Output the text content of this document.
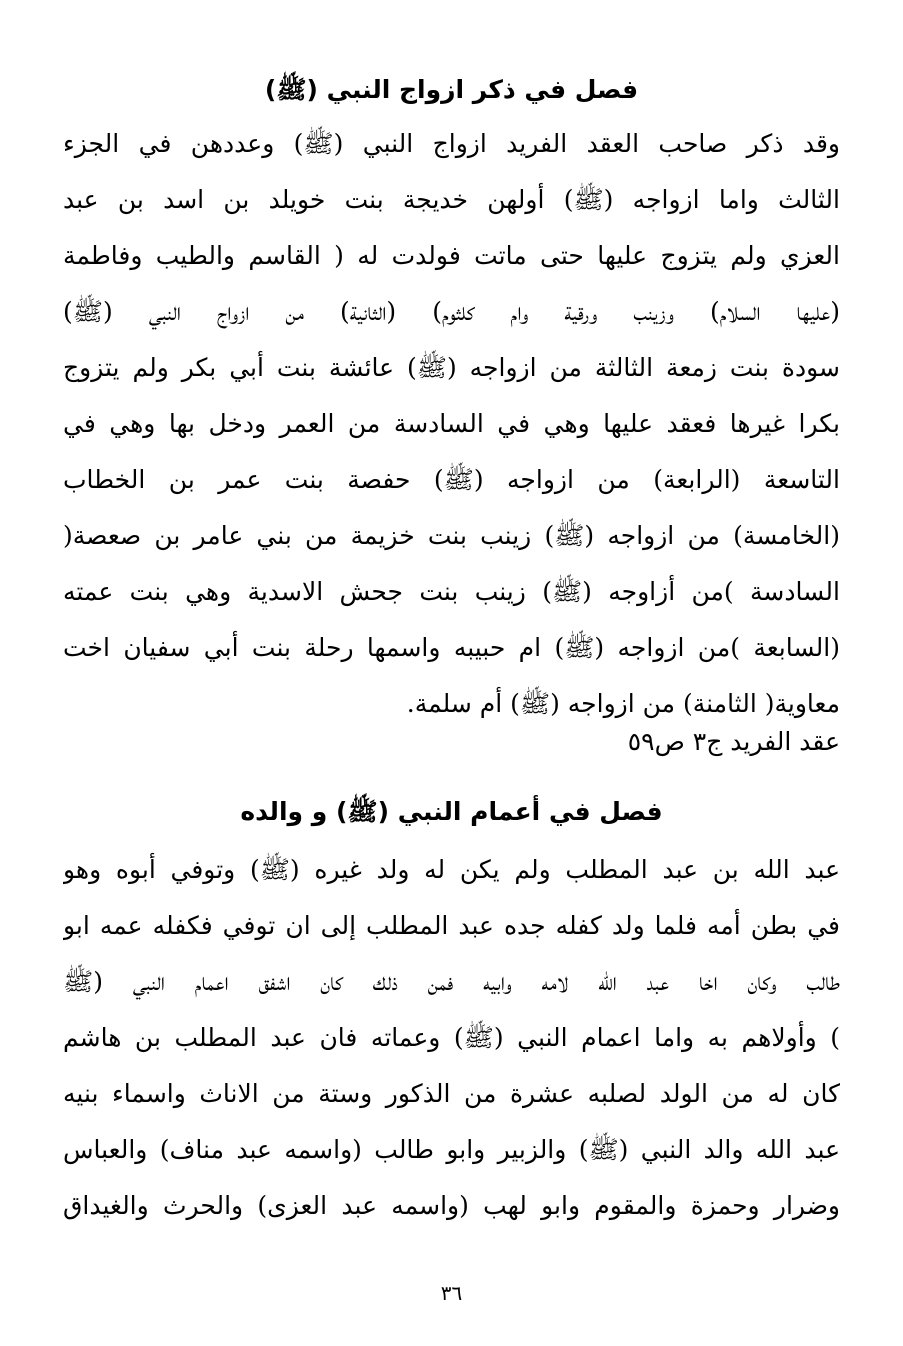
فصل في ذكر ازواج النبي (ﷺ)
وقد ذكر صاحب العقد الفريد ازواج النبي (ﷺ) وعددهن في الجزء
الثالث واما ازواجه (ﷺ) أولهن خديجة بنت خويلد بن اسد بن عبد
العزي ولم يتزوج عليها حتى ماتت فولدت له ( القاسم والطيب وفاطمة
(عليها السلام) وزينب ورقية وام كلثوم) (الثانية) من ازواج النبي (ﷺ)
سودة بنت زمعة الثالثة من ازواجه (ﷺ) عائشة بنت أبي بكر ولم يتزوج
بكرا غيرها فعقد عليها وهي في السادسة من العمر ودخل بها وهي في
التاسعة (الرابعة) من ازواجه (ﷺ) حفصة بنت عمر بن الخطاب
(الخامسة) من ازواجه (ﷺ) زينب بنت خزيمة من بني عامر بن صعصة(
السادسة )من أزاوجه (ﷺ) زينب بنت جحش الاسدية وهي بنت عمته
(السابعة )من ازواجه (ﷺ) ام حبيبه واسمها رحلة بنت أبي سفيان اخت
معاوية( الثامنة) من ازواجه (ﷺ) أم سلمة.
عقد الفريد ج٣ ص٥٩
فصل في أعمام النبي (ﷺ) و والده
عبد الله بن عبد المطلب ولم يكن له ولد غيره (ﷺ) وتوفي أبوه وهو
في بطن أمه فلما ولد كفله جده عبد المطلب إلى ان توفي فكفله عمه ابو
طالب وكان اخا عبد الله لامه وابيه فمن ذلك كان اشفق اعمام النبي (ﷺ
) وأولاهم به واما اعمام النبي (ﷺ) وعماته فان عبد المطلب بن هاشم
كان له من الولد لصلبه عشرة من الذكور وستة من الاناث واسماء بنيه
عبد الله والد النبي (ﷺ) والزبير وابو طالب (واسمه عبد مناف) والعباس
وضرار وحمزة والمقوم وابو لهب (واسمه عبد العزى) والحرث والغيداق
٣٦
